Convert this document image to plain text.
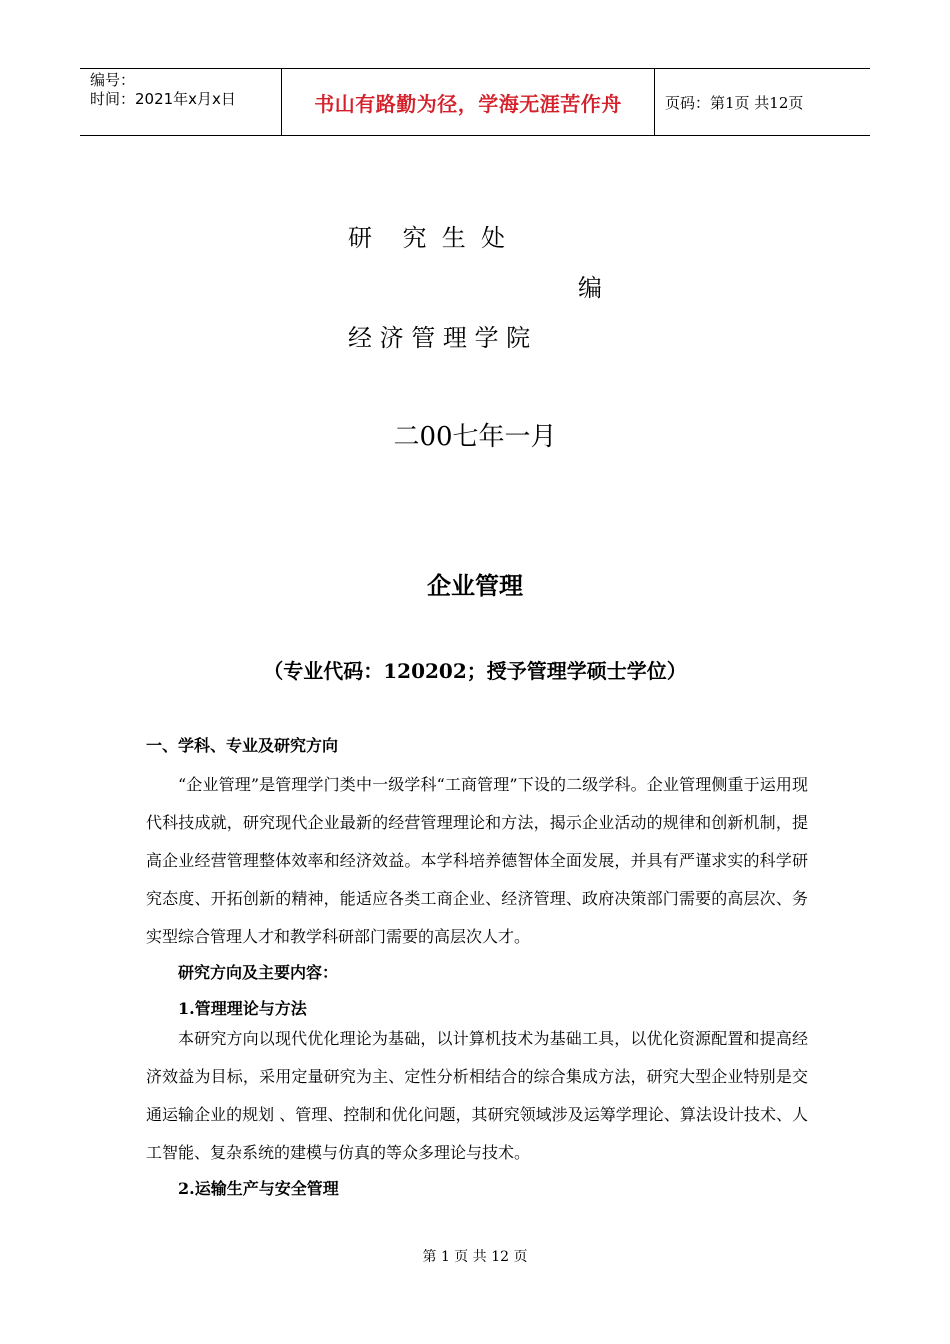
编号：
时间：2021年x月x日	书山有路勤为径，学海无涯苦作舟	页码：第1页 共12页
研    究  生  处
编
经 济 管 理 学 院
二00七年一月
企业管理
（专业代码：120202；授予管理学硕士学位）
一、学科、专业及研究方向

“企业管理”是管理学门类中一级学科“工商管理”下设的二级学科。企业管理侧重于运用现代科技成就，研究现代企业最新的经营管理理论和方法，揭示企业活动的规律和创新机制，提高企业经营管理整体效率和经济效益。本学科培养德智体全面发展，并具有严谨求实的科学研究态度、开拓创新的精神，能适应各类工商企业、经济管理、政府决策部门需要的高层次、务实型综合管理人才和教学科研部门需要的高层次人才。

研究方向及主要内容：
1.管理理论与方法

本研究方向以现代优化理论为基础，以计算机技术为基础工具，以优化资源配置和提高经济效益为目标，采用定量研究为主、定性分析相结合的综合集成方法，研究大型企业特别是交通运输企业的规划 、管理、控制和优化问题，其研究领域涉及运筹学理论、算法设计技术、人工智能、复杂系统的建模与仿真的等众多理论与技术。

2.运输生产与安全管理
第 1 页 共 12 页
